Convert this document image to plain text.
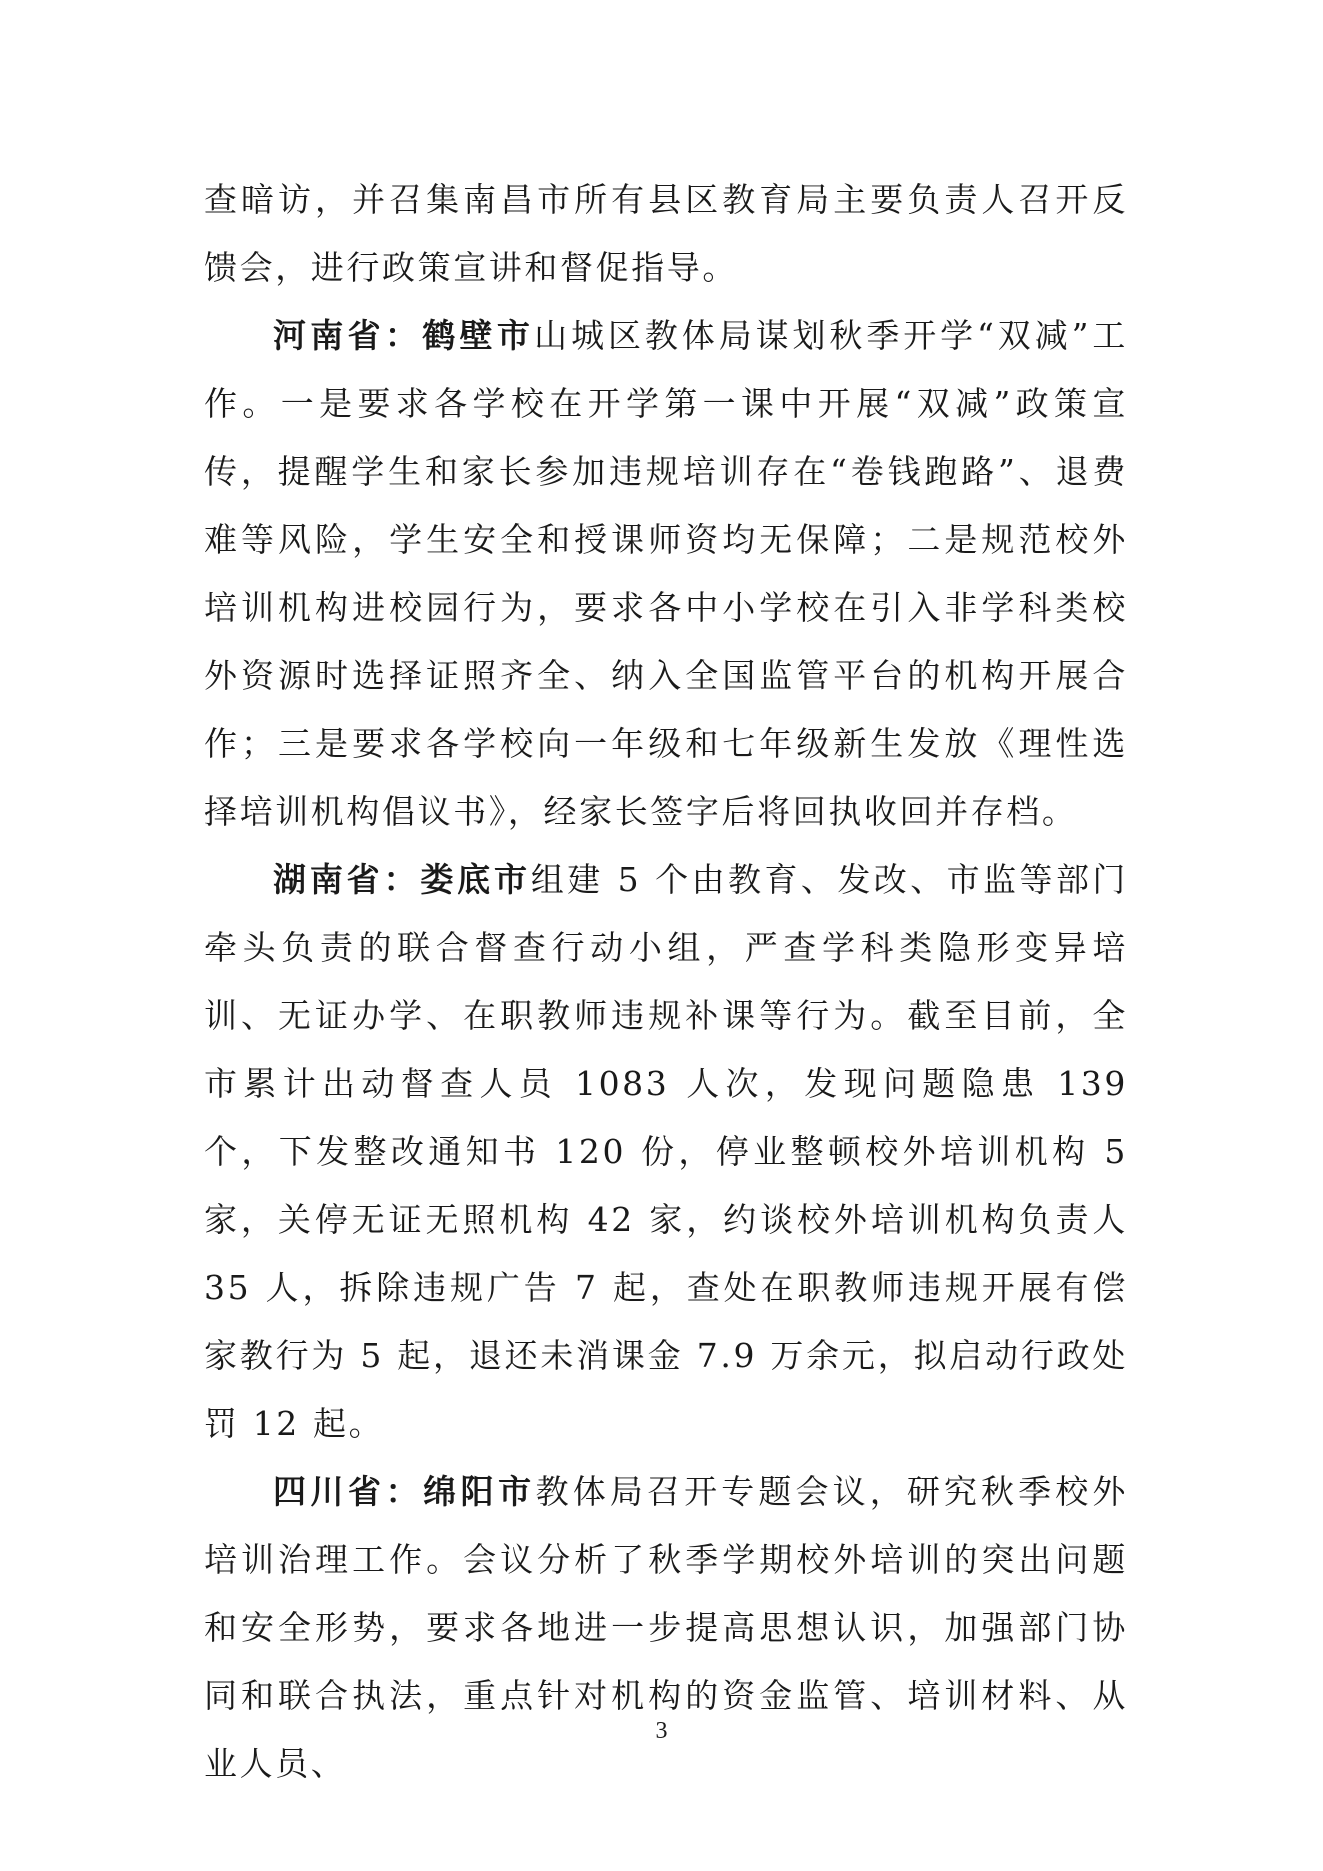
查暗访，并召集南昌市所有县区教育局主要负责人召开反馈会，进行政策宣讲和督促指导。

河南省：鹤壁市山城区教体局谋划秋季开学“双减”工作。一是要求各学校在开学第一课中开展“双减”政策宣传，提醒学生和家长参加违规培训存在“卷钱跑路”、退费难等风险，学生安全和授课师资均无保障；二是规范校外培训机构进校园行为，要求各中小学校在引入非学科类校外资源时选择证照齐全、纳入全国监管平台的机构开展合作；三是要求各学校向一年级和七年级新生发放《理性选择培训机构倡议书》，经家长签字后将回执收回并存档。

湖南省：娄底市组建 5 个由教育、发改、市监等部门牵头负责的联合督查行动小组，严查学科类隐形变异培训、无证办学、在职教师违规补课等行为。截至目前，全市累计出动督查人员 1083 人次，发现问题隐患 139 个，下发整改通知书 120 份，停业整顿校外培训机构 5 家，关停无证无照机构 42 家，约谈校外培训机构负责人 35 人，拆除违规广告 7 起，查处在职教师违规开展有偿家教行为 5 起，退还未消课金 7.9 万余元，拟启动行政处罚 12 起。

四川省：绵阳市教体局召开专题会议，研究秋季校外培训治理工作。会议分析了秋季学期校外培训的突出问题和安全形势，要求各地进一步提高思想认识，加强部门协同和联合执法，重点针对机构的资金监管、培训材料、从业人员、

3
